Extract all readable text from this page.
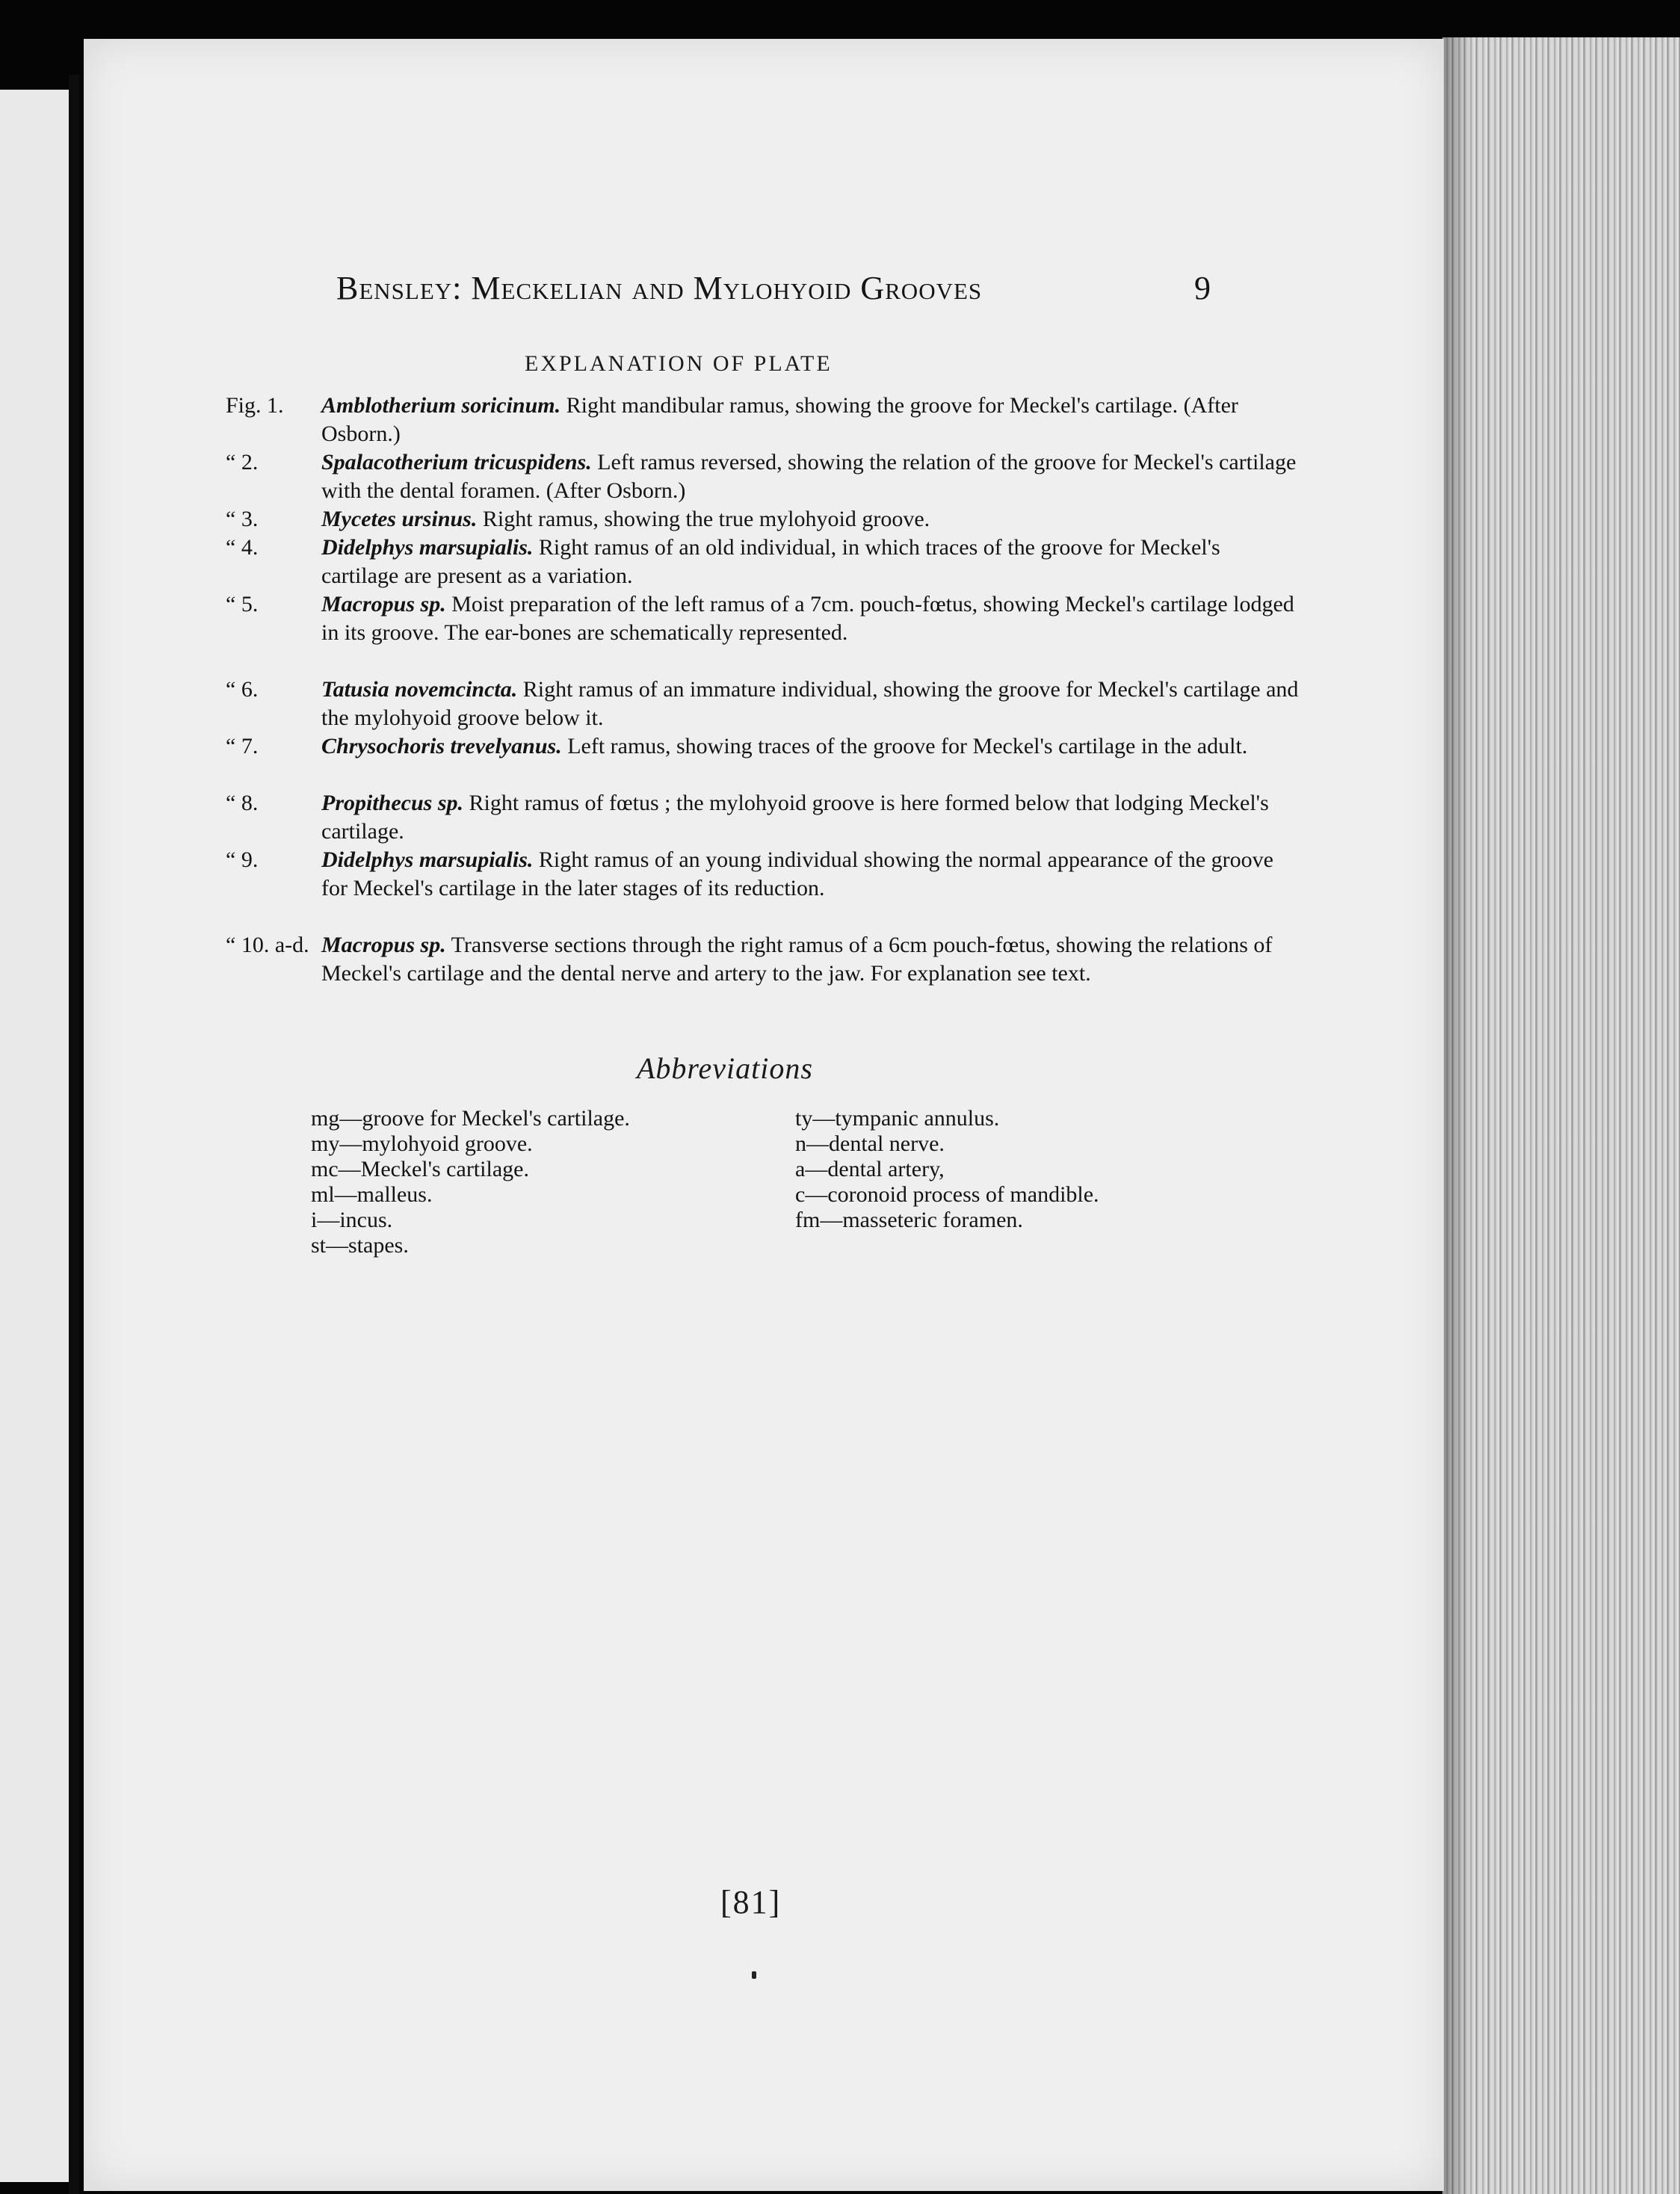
Bensley: Meckelian and Mylohyoid Grooves	9
EXPLANATION OF PLATE
Fig. 1.	Amblotherium soricinum. Right mandibular ramus, showing the groove for Meckel's cartilage. (After Osborn.)
“ 2.	Spalacotherium tricuspidens. Left ramus reversed, showing the relation of the groove for Meckel's cartilage with the dental foramen. (After Osborn.)
“ 3.	Mycetes ursinus. Right ramus, showing the true mylohyoid groove.
“ 4.	Didelphys marsupialis. Right ramus of an old individual, in which traces of the groove for Meckel's cartilage are present as a variation.
“ 5.	Macropus sp. Moist preparation of the left ramus of a 7cm. pouch-fœtus, showing Meckel's cartilage lodged in its groove. The ear-bones are schematically represented.
“ 6.	Tatusia novemcincta. Right ramus of an immature individual, showing the groove for Meckel's cartilage and the mylohyoid groove below it.
“ 7.	Chrysochoris trevelyanus. Left ramus, showing traces of the groove for Meckel's cartilage in the adult.
“ 8.	Propithecus sp. Right ramus of fœtus ; the mylohyoid groove is here formed below that lodging Meckel's cartilage.
“ 9.	Didelphys marsupialis. Right ramus of an young individual showing the normal appearance of the groove for Meckel's cartilage in the later stages of its reduction.
“ 10. a-d. Macropus sp. Transverse sections through the right ramus of a 6cm pouch-fœtus, showing the relations of Meckel's cartilage and the dental nerve and artery to the jaw. For explanation see text.
Abbreviations
mg—groove for Meckel's cartilage.
my—mylohyoid groove.
mc—Meckel's cartilage.
ml—malleus.
i—incus.
st—stapes.
ty—tympanic annulus.
n—dental nerve.
a—dental artery,
c—coronoid process of mandible.
fm—masseteric foramen.
[81]
